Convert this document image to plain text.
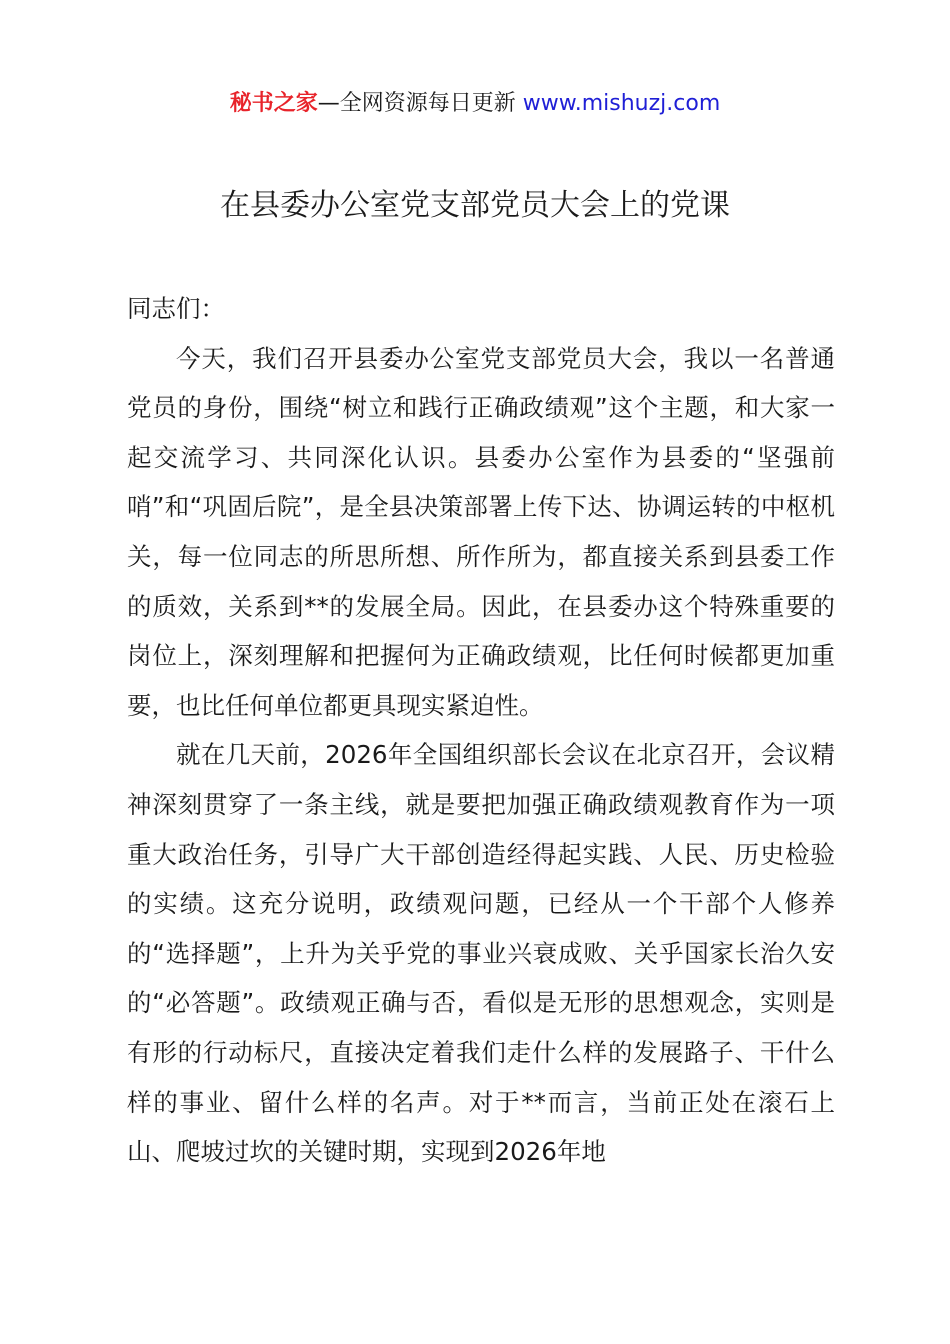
秘书之家—全网资源每日更新 www.mishuzj.com
在县委办公室党支部党员大会上的党课

同志们：

今天，我们召开县委办公室党支部党员大会，我以一名普通党员的身份，围绕“树立和践行正确政绩观”这个主题，和大家一起交流学习、共同深化认识。县委办公室作为县委的“坚强前哨”和“巩固后院”，是全县决策部署上传下达、协调运转的中枢机关，每一位同志的所思所想、所作所为，都直接关系到县委工作的质效，关系到**的发展全局。因此，在县委办这个特殊重要的岗位上，深刻理解和把握何为正确政绩观，比任何时候都更加重要，也比任何单位都更具现实紧迫性。

就在几天前，2026年全国组织部长会议在北京召开，会议精神深刻贯穿了一条主线，就是要把加强正确政绩观教育作为一项重大政治任务，引导广大干部创造经得起实践、人民、历史检验的实绩。这充分说明，政绩观问题，已经从一个干部个人修养的“选择题”，上升为关乎党的事业兴衰成败、关乎国家长治久安的“必答题”。政绩观正确与否，看似是无形的思想观念，实则是有形的行动标尺，直接决定着我们走什么样的发展路子、干什么样的事业、留什么样的名声。对于**而言，当前正处在滚石上山、爬坡过坎的关键时期，实现到2026年地
